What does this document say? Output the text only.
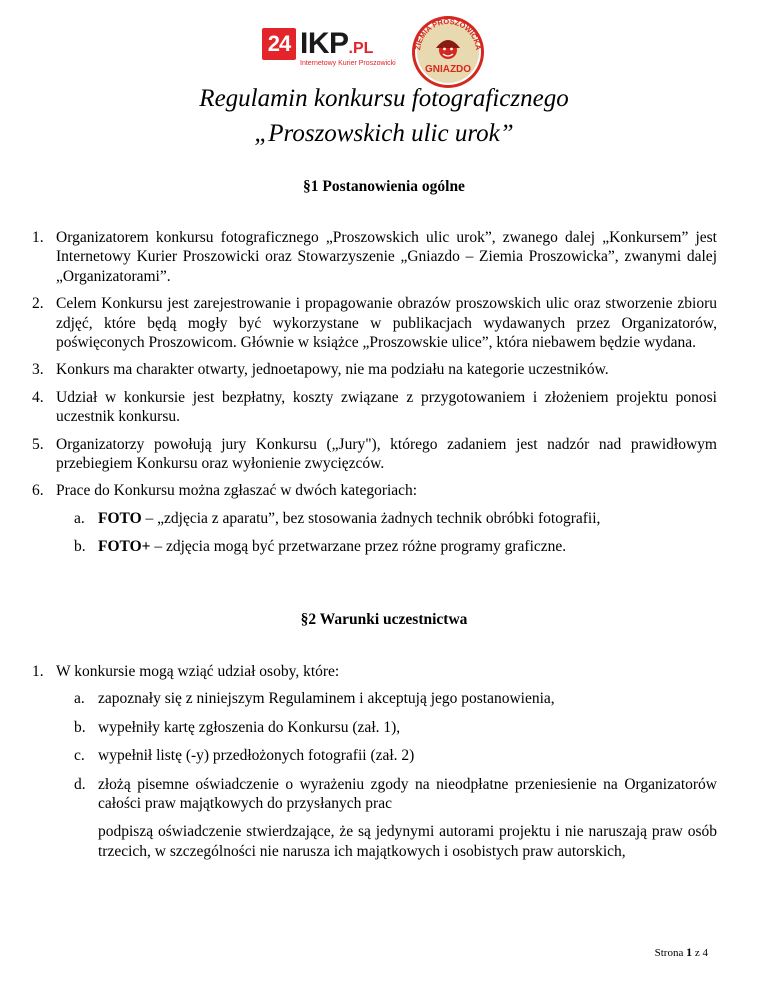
24 IKP.PL
Internetowy Kurier Proszowicki
ZIEMIA PROSZOWICKA
GNIAZDO
Regulamin konkursu fotograficznego
„Proszowskich ulic urok”
§1 Postanowienia ogólne
1. Organizatorem konkursu fotograficznego „Proszowskich ulic urok”, zwanego dalej „Konkursem” jest Internetowy Kurier Proszowicki oraz Stowarzyszenie „Gniazdo – Ziemia Proszowicka”, zwanymi dalej „Organizatorami”.
2. Celem Konkursu jest zarejestrowanie i propagowanie obrazów proszowskich ulic oraz stworzenie zbioru zdjęć, które będą mogły być wykorzystane w publikacjach wydawanych przez Organizatorów, poświęconych Proszowicom. Głównie w książce „Proszowskie ulice”, która niebawem będzie wydana.
3. Konkurs ma charakter otwarty, jednoetapowy, nie ma podziału na kategorie uczestników.
4. Udział w konkursie jest bezpłatny, koszty związane z przygotowaniem i złożeniem projektu ponosi uczestnik konkursu.
5. Organizatorzy powołują jury Konkursu („Jury"), którego zadaniem jest nadzór nad prawidłowym przebiegiem Konkursu oraz wyłonienie zwycięzców.
6. Prace do Konkursu można zgłaszać w dwóch kategoriach:
a. FOTO – „zdjęcia z aparatu”, bez stosowania żadnych technik obróbki fotografii,
b. FOTO+ – zdjęcia mogą być przetwarzane przez różne programy graficzne.
§2 Warunki uczestnictwa
1. W konkursie mogą wziąć udział osoby, które:
a. zapoznały się z niniejszym Regulaminem i akceptują jego postanowienia,
b. wypełniły kartę zgłoszenia do Konkursu (zał. 1),
c. wypełnił listę (-y) przedłożonych fotografii (zał. 2)
d. złożą pisemne oświadczenie o wyrażeniu zgody na nieodpłatne przeniesienie na Organizatorów całości praw majątkowych do przysłanych prac
podpiszą oświadczenie stwierdzające, że są jedynymi autorami projektu i nie naruszają praw osób trzecich, w szczególności nie narusza ich majątkowych i osobistych praw autorskich,
Strona 1 z 4
